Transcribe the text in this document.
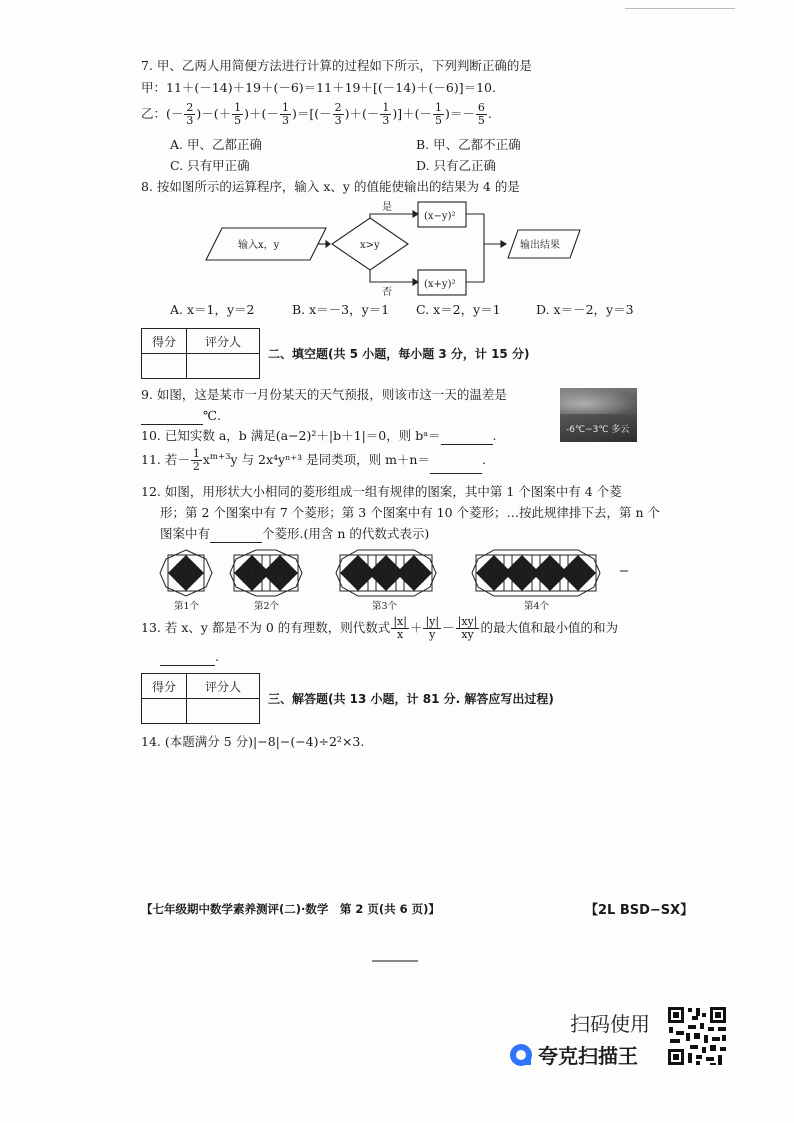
7. 甲、乙两人用简便方法进行计算的过程如下所示，下列判断正确的是
甲：11＋(－14)＋19＋(－6)＝11＋19＋[(－14)＋(－6)]＝10.
乙：(－ $\frac{2}{3}$ )－(＋ $\frac{1}{5}$ )＋(－ $\frac{1}{3}$ )＝[(－ $\frac{2}{3}$ )＋(－ $\frac{1}{3}$ )]＋(－ $\frac{1}{5}$ )＝－ $\frac{6}{5}$ .
A. 甲、乙都正确	B. 甲、乙都不正确
C. 只有甲正确	D. 只有乙正确
8. 按如图所示的运算程序，输入 x、y 的值能使输出的结果为 4 的是
输入x，y	x>y
是
否
(x−y)²
(x+y)²
输出结果
A. x＝1，y＝2	B. x＝－3，y＝1 C. x＝2，y＝1	D. x＝－2，y＝3
得分	评分人

二、填空题(共 5 小题，每小题 3 分，计 15 分)
9. 如图，这是某市一月份某天的天气预报，则该市这一天的温差是
℃.
-6℃~3℃ 多云
10. 已知实数 a，b 满足(a−2)²＋|b＋1|＝0，则 bᵃ＝	.
11. 若－ $\frac{1}{2} x^{m+3}y$ 与 2x⁴yⁿ⁺³ 是同类项，则 m＋n＝	.
12. 如图，用形状大小相同的菱形组成一组有规律的图案，其中第 1 个图案中有 4 个菱
形；第 2 个图案中有 7 个菱形；第 3 个图案中有 10 个菱形；…按此规律排下去，第 n 个
图案中有	个菱形.(用含 n 的代数式表示)
第1个	第2个	第3个	第4个
13. 若 x、y 都是不为 0 的有理数，则代数式 $\frac{|x|}{x} + \frac{|y|}{y} - \frac{|xy|}{xy}$ 的最大值和最小值的和为
.
得分	评分人

三、解答题(共 13 小题，计 81 分. 解答应写出过程)
14. (本题满分 5 分)|−8|−(−4)÷2²×3.
【七年级期中数学素养测评(二)·数学　第 2 页(共 6 页)】	【2L BSD−SX】
扫码使用
夸克扫描王
